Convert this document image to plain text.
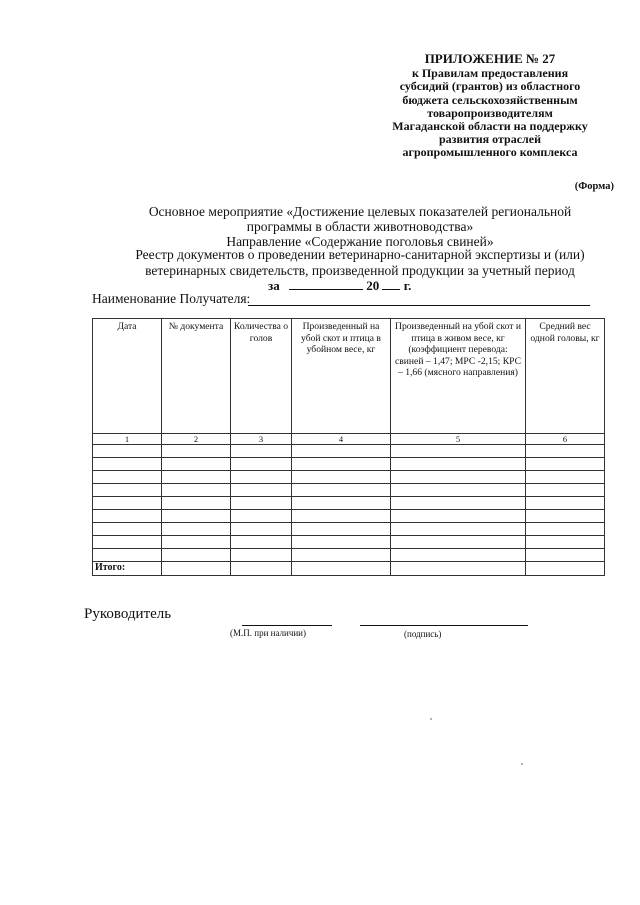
ПРИЛОЖЕНИЕ № 27
к Правилам предоставления
субсидий (грантов) из областного
бюджета сельскохозяйственным
товаропроизводителям
Магаданской области на поддержку
развития отраслей
агропромышленного комплекса
(Форма)
Основное мероприятие «Достижение целевых показателей региональной
программы в области животноводства»
Направление «Содержание поголовья свиней»
Реестр документов о проведении ветеринарно-санитарной экспертизы и (или)
ветеринарных свидетельств, произведенной продукции за учетный период
за	20 г.
Наименование Получателя:
Дата	№ документа	Количества о голов	Произведенный на убой скот и птица в убойном весе, кг	Произведенный на убой скот и птица в живом весе, кг (коэффициент перевода: свиней – 1,47; МРС -2,15; КРС – 1,66 (мясного направления)	Средний вес одной головы, кг
1	2	3	4	5	6

Итого:					
Руководитель
(М.П. при наличии)	(подпись)
